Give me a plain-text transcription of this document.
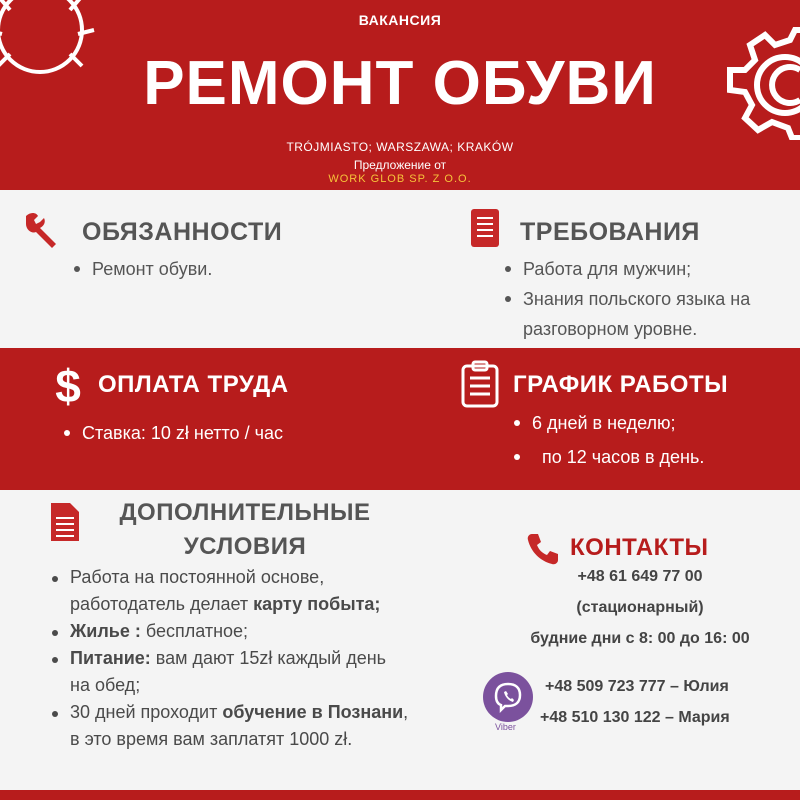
ВАКАНСИЯ
РЕМОНТ ОБУВИ
TRÓJMIASTO; WARSZAWA; KRAKÓW
Предложение от
WORK GLOB SP. Z O.O.
ОБЯЗАННОСТИ
Ремонт обуви.
ТРЕБОВАНИЯ
Работа для мужчин;
Знания польского языка на
разговорном уровне.
$ ОПЛАТА ТРУДА
Ставка: 10 zł нетто / час
ГРАФИК РАБОТЫ
6 дней в неделю;
по 12 часов в день.
ДОПОЛНИТЕЛЬНЫЕ
УСЛОВИЯ
Работа на постоянной основе, работодатель делает карту побыта;
Жилье : бесплатное;
Питание: вам дают 15zł каждый день на обед;
30 дней проходит обучение в Познани, в это время вам заплатят 1000 zł.
КОНТАКТЫ
+48 61 649 77 00
(стационарный)
будние дни с 8: 00 до 16: 00
Viber
+48 509 723 777 – Юлия
+48 510 130 122 – Мария
